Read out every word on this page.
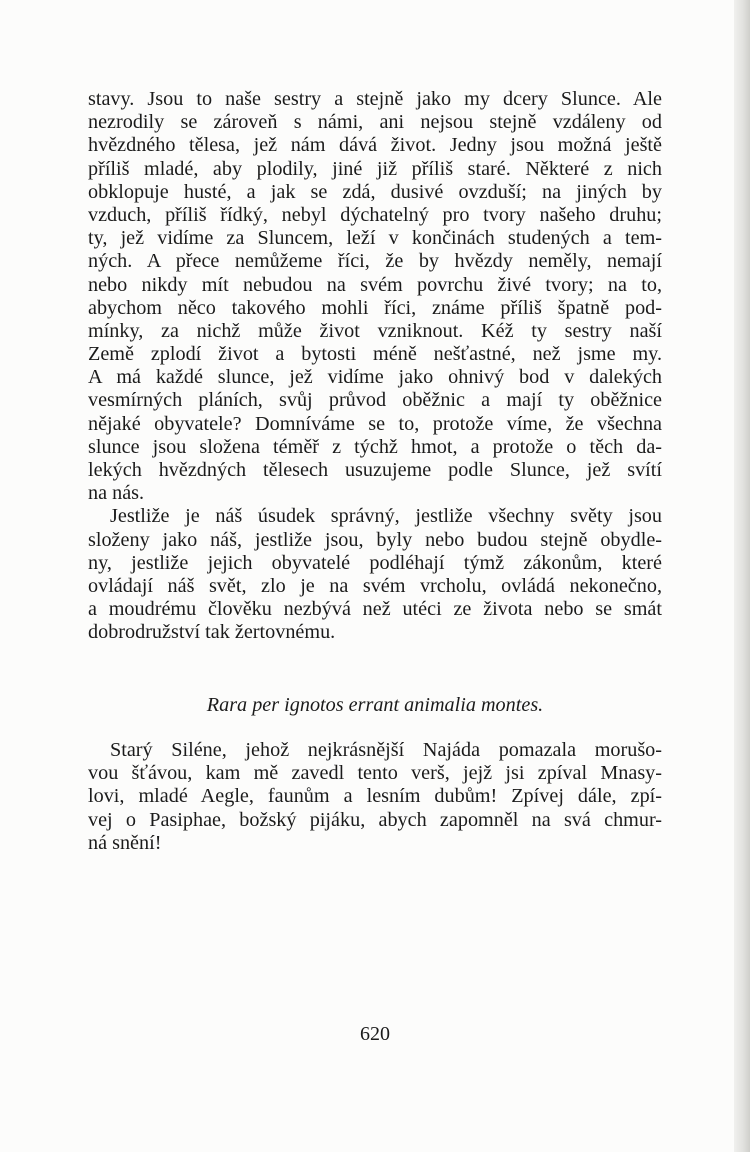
stavy. Jsou to naše sestry a stejně jako my dcery Slunce. Ale
nezrodily se zároveň s námi, ani nejsou stejně vzdáleny od
hvězdného tělesa, jež nám dává život. Jedny jsou možná ještě
příliš mladé, aby plodily, jiné již příliš staré. Některé z nich
obklopuje husté, a jak se zdá, dusivé ovzduší; na jiných by
vzduch, příliš řídký, nebyl dýchatelný pro tvory našeho druhu;
ty, jež vidíme za Sluncem, leží v končinách studených a tem-
ných. A přece nemůžeme říci, že by hvězdy neměly, nemají
nebo nikdy mít nebudou na svém povrchu živé tvory; na to,
abychom něco takového mohli říci, známe příliš špatně pod-
mínky, za nichž může život vzniknout. Kéž ty sestry naší
Země zplodí život a bytosti méně nešťastné, než jsme my.
A má každé slunce, jež vidíme jako ohnivý bod v dalekých
vesmírných pláních, svůj průvod oběžnic a mají ty oběžnice
nějaké obyvatele? Domníváme se to, protože víme, že všechna
slunce jsou složena téměř z týchž hmot, a protože o těch da-
lekých hvězdných tělesech usuzujeme podle Slunce, jež svítí
na nás.
Jestliže je náš úsudek správný, jestliže všechny světy jsou
složeny jako náš, jestliže jsou, byly nebo budou stejně obydle-
ny, jestliže jejich obyvatelé podléhají týmž zákonům, které
ovládají náš svět, zlo je na svém vrcholu, ovládá nekonečno,
a moudrému člověku nezbývá než utéci ze života nebo se smát
dobrodružství tak žertovnému.
Rara per ignotos errant animalia montes.
Starý Siléne, jehož nejkrásnější Najáda pomazala morušo-
vou šťávou, kam mě zavedl tento verš, jejž jsi zpíval Mnasy-
lovi, mladé Aegle, faunům a lesním dubům! Zpívej dále, zpí-
vej o Pasiphae, božský pijáku, abych zapomněl na svá chmur-
ná snění!
620
